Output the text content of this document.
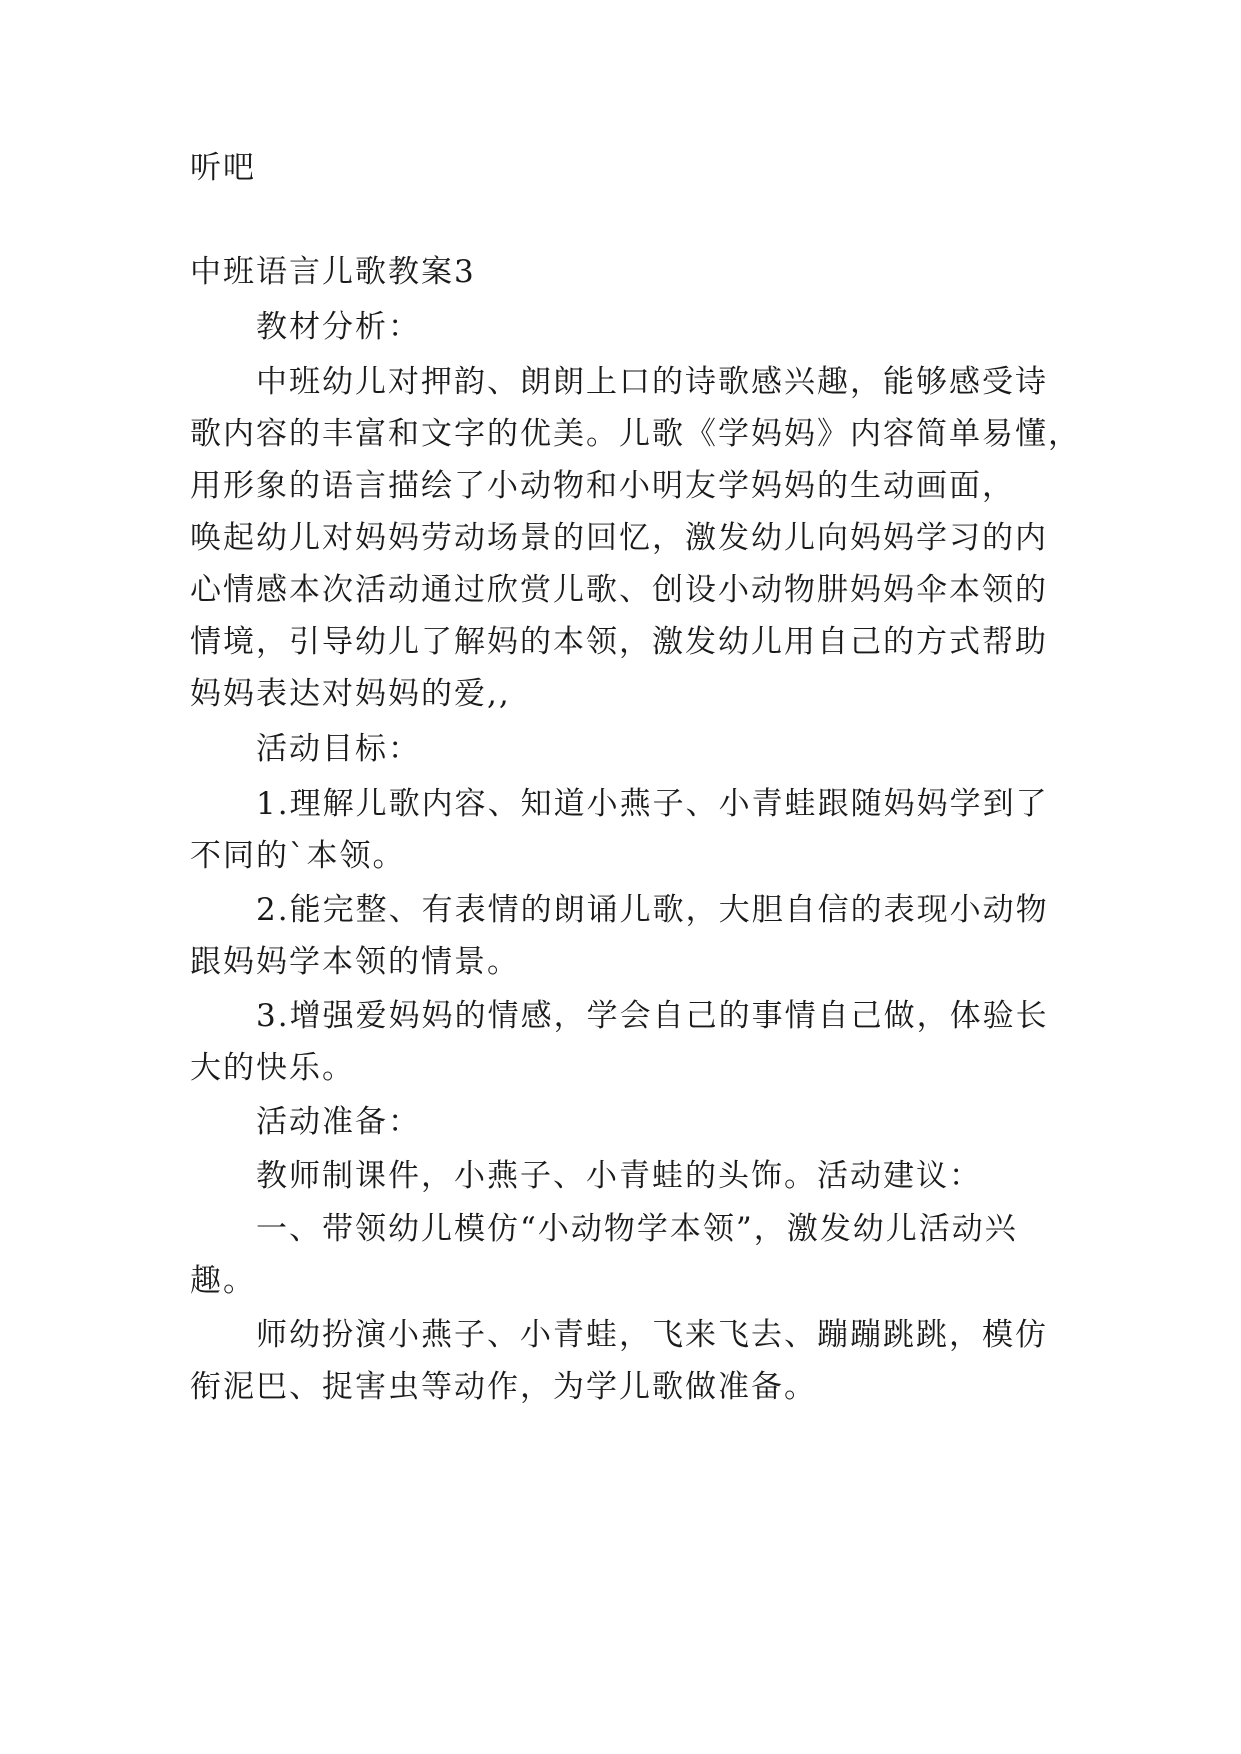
听吧
中班语言儿歌教案3
教材分析：
中班幼儿对押韵、朗朗上口的诗歌感兴趣，能够感受诗
歌内容的丰富和文字的优美。儿歌《学妈妈》内容简单易懂，
用形象的语言描绘了小动物和小明友学妈妈的生动画面，
唤起幼儿对妈妈劳动场景的回忆，激发幼儿向妈妈学习的内
心情感本次活动通过欣赏儿歌、创设小动物肼妈妈伞本领的
情境，引导幼儿了解妈的本领，激发幼儿用自己的方式帮助
妈妈表达对妈妈的爱,,
活动目标：
1.理解儿歌内容、知道小燕子、小青蛙跟随妈妈学到了
不同的`本领。
2.能完整、有表情的朗诵儿歌，大胆自信的表现小动物
跟妈妈学本领的情景。
3.增强爱妈妈的情感，学会自己的事情自己做，体验长
大的快乐。
活动准备：
教师制课件，小燕子、小青蛙的头饰。活动建议：
一、带领幼儿模仿“小动物学本领”，激发幼儿活动兴
趣。
师幼扮演小燕子、小青蛙，飞来飞去、蹦蹦跳跳，模仿
衔泥巴、捉害虫等动作，为学儿歌做准备。
